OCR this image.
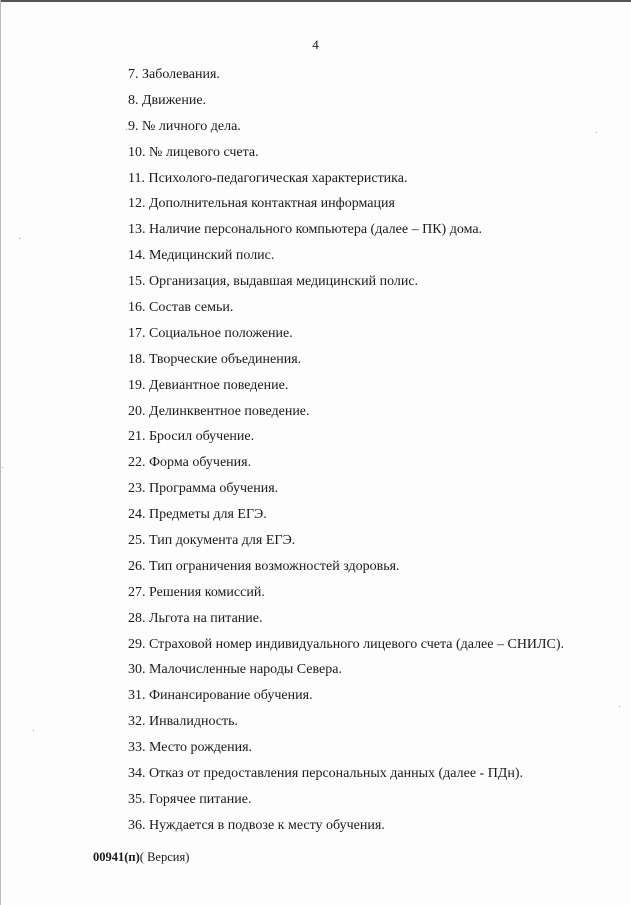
4
7. Заболевания.
8. Движение.
9. № личного дела.
10. № лицевого счета.
11. Психолого-педагогическая характеристика.
12. Дополнительная контактная информация
13. Наличие персонального компьютера (далее – ПК) дома.
14. Медицинский полис.
15. Организация, выдавшая медицинский полис.
16. Состав семьи.
17. Социальное положение.
18. Творческие объединения.
19. Девиантное поведение.
20. Делинквентное поведение.
21. Бросил обучение.
22. Форма обучения.
23. Программа обучения.
24. Предметы для ЕГЭ.
25. Тип документа для ЕГЭ.
26. Тип ограничения возможностей здоровья.
27. Решения комиссий.
28. Льгота на питание.
29. Страховой номер индивидуального лицевого счета (далее – СНИЛС).
30. Малочисленные народы Севера.
31. Финансирование обучения.
32. Инвалидность.
33. Место рождения.
34. Отказ от предоставления персональных данных (далее - ПДн).
35. Горячее питание.
36. Нуждается в подвозе к месту обучения.
00941(п)( Версия)
